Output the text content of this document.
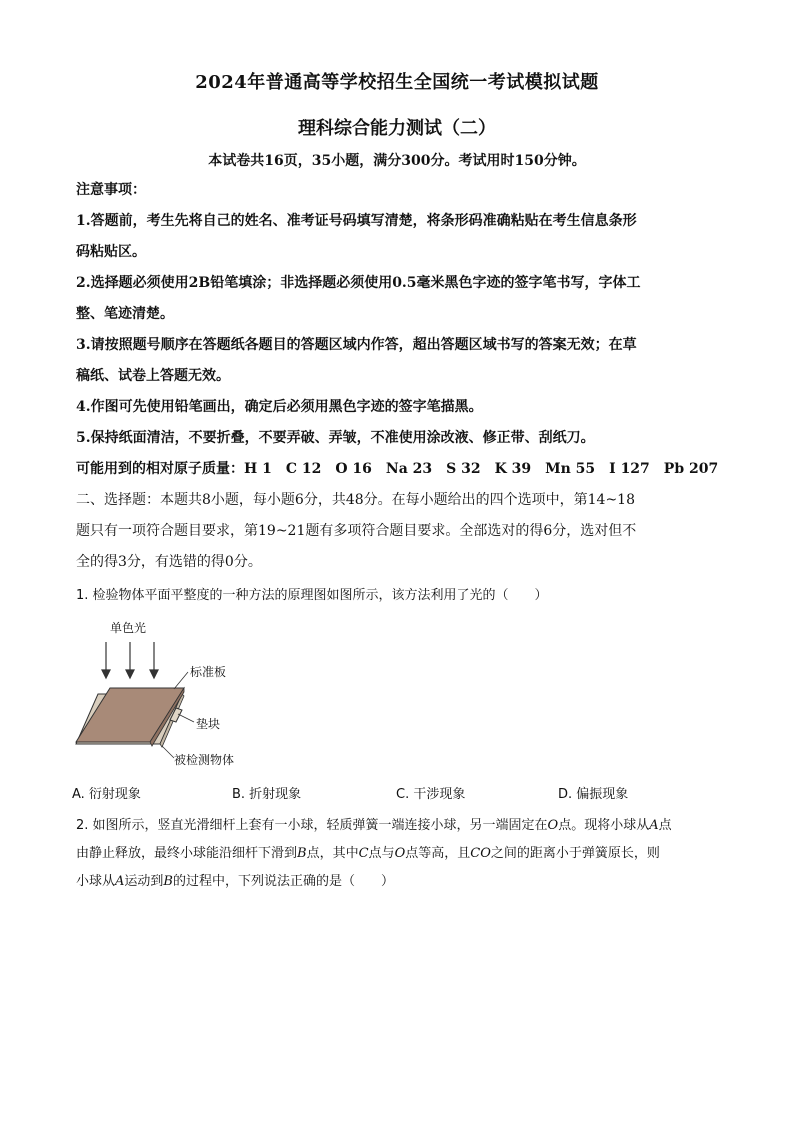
2024年普通高等学校招生全国统一考试模拟试题
理科综合能力测试（二）
本试卷共16页，35小题，满分300分。考试用时150分钟。

注意事项：

1.答题前，考生先将自己的姓名、准考证号码填写清楚，将条形码准确粘贴在考生信息条形

码粘贴区。

2.选择题必须使用2B铅笔填涂；非选择题必须使用0.5毫米黑色字迹的签字笔书写，字体工

整、笔迹清楚。

3.请按照题号顺序在答题纸各题目的答题区域内作答，超出答题区域书写的答案无效；在草

稿纸、试卷上答题无效。

4.作图可先使用铅笔画出，确定后必须用黑色字迹的签字笔描黑。

5.保持纸面清洁，不要折叠，不要弄破、弄皱，不准使用涂改液、修正带、刮纸刀。

可能用到的相对原子质量：H 1　C 12　O 16　Na 23　S 32　K 39　Mn 55　I 127　Pb 207

二、选择题：本题共8小题，每小题6分，共48分。在每小题给出的四个选项中，第14~18

题只有一项符合题目要求，第19~21题有多项符合题目要求。全部选对的得6分，选对但不

全的得3分，有选错的得0分。

1. 检验物体平面平整度的一种方法的原理图如图所示，该方法利用了光的（　　）

单色光
标准板
垫块
被检测物体
A. 衍射现象	B. 折射现象	C. 干涉现象	D. 偏振现象

2. 如图所示，竖直光滑细杆上套有一小球，轻质弹簧一端连接小球，另一端固定在O点。现将小球从A点

由静止释放，最终小球能沿细杆下滑到B点，其中C点与O点等高，且CO之间的距离小于弹簧原长，则

小球从A运动到B的过程中，下列说法正确的是（　　）
